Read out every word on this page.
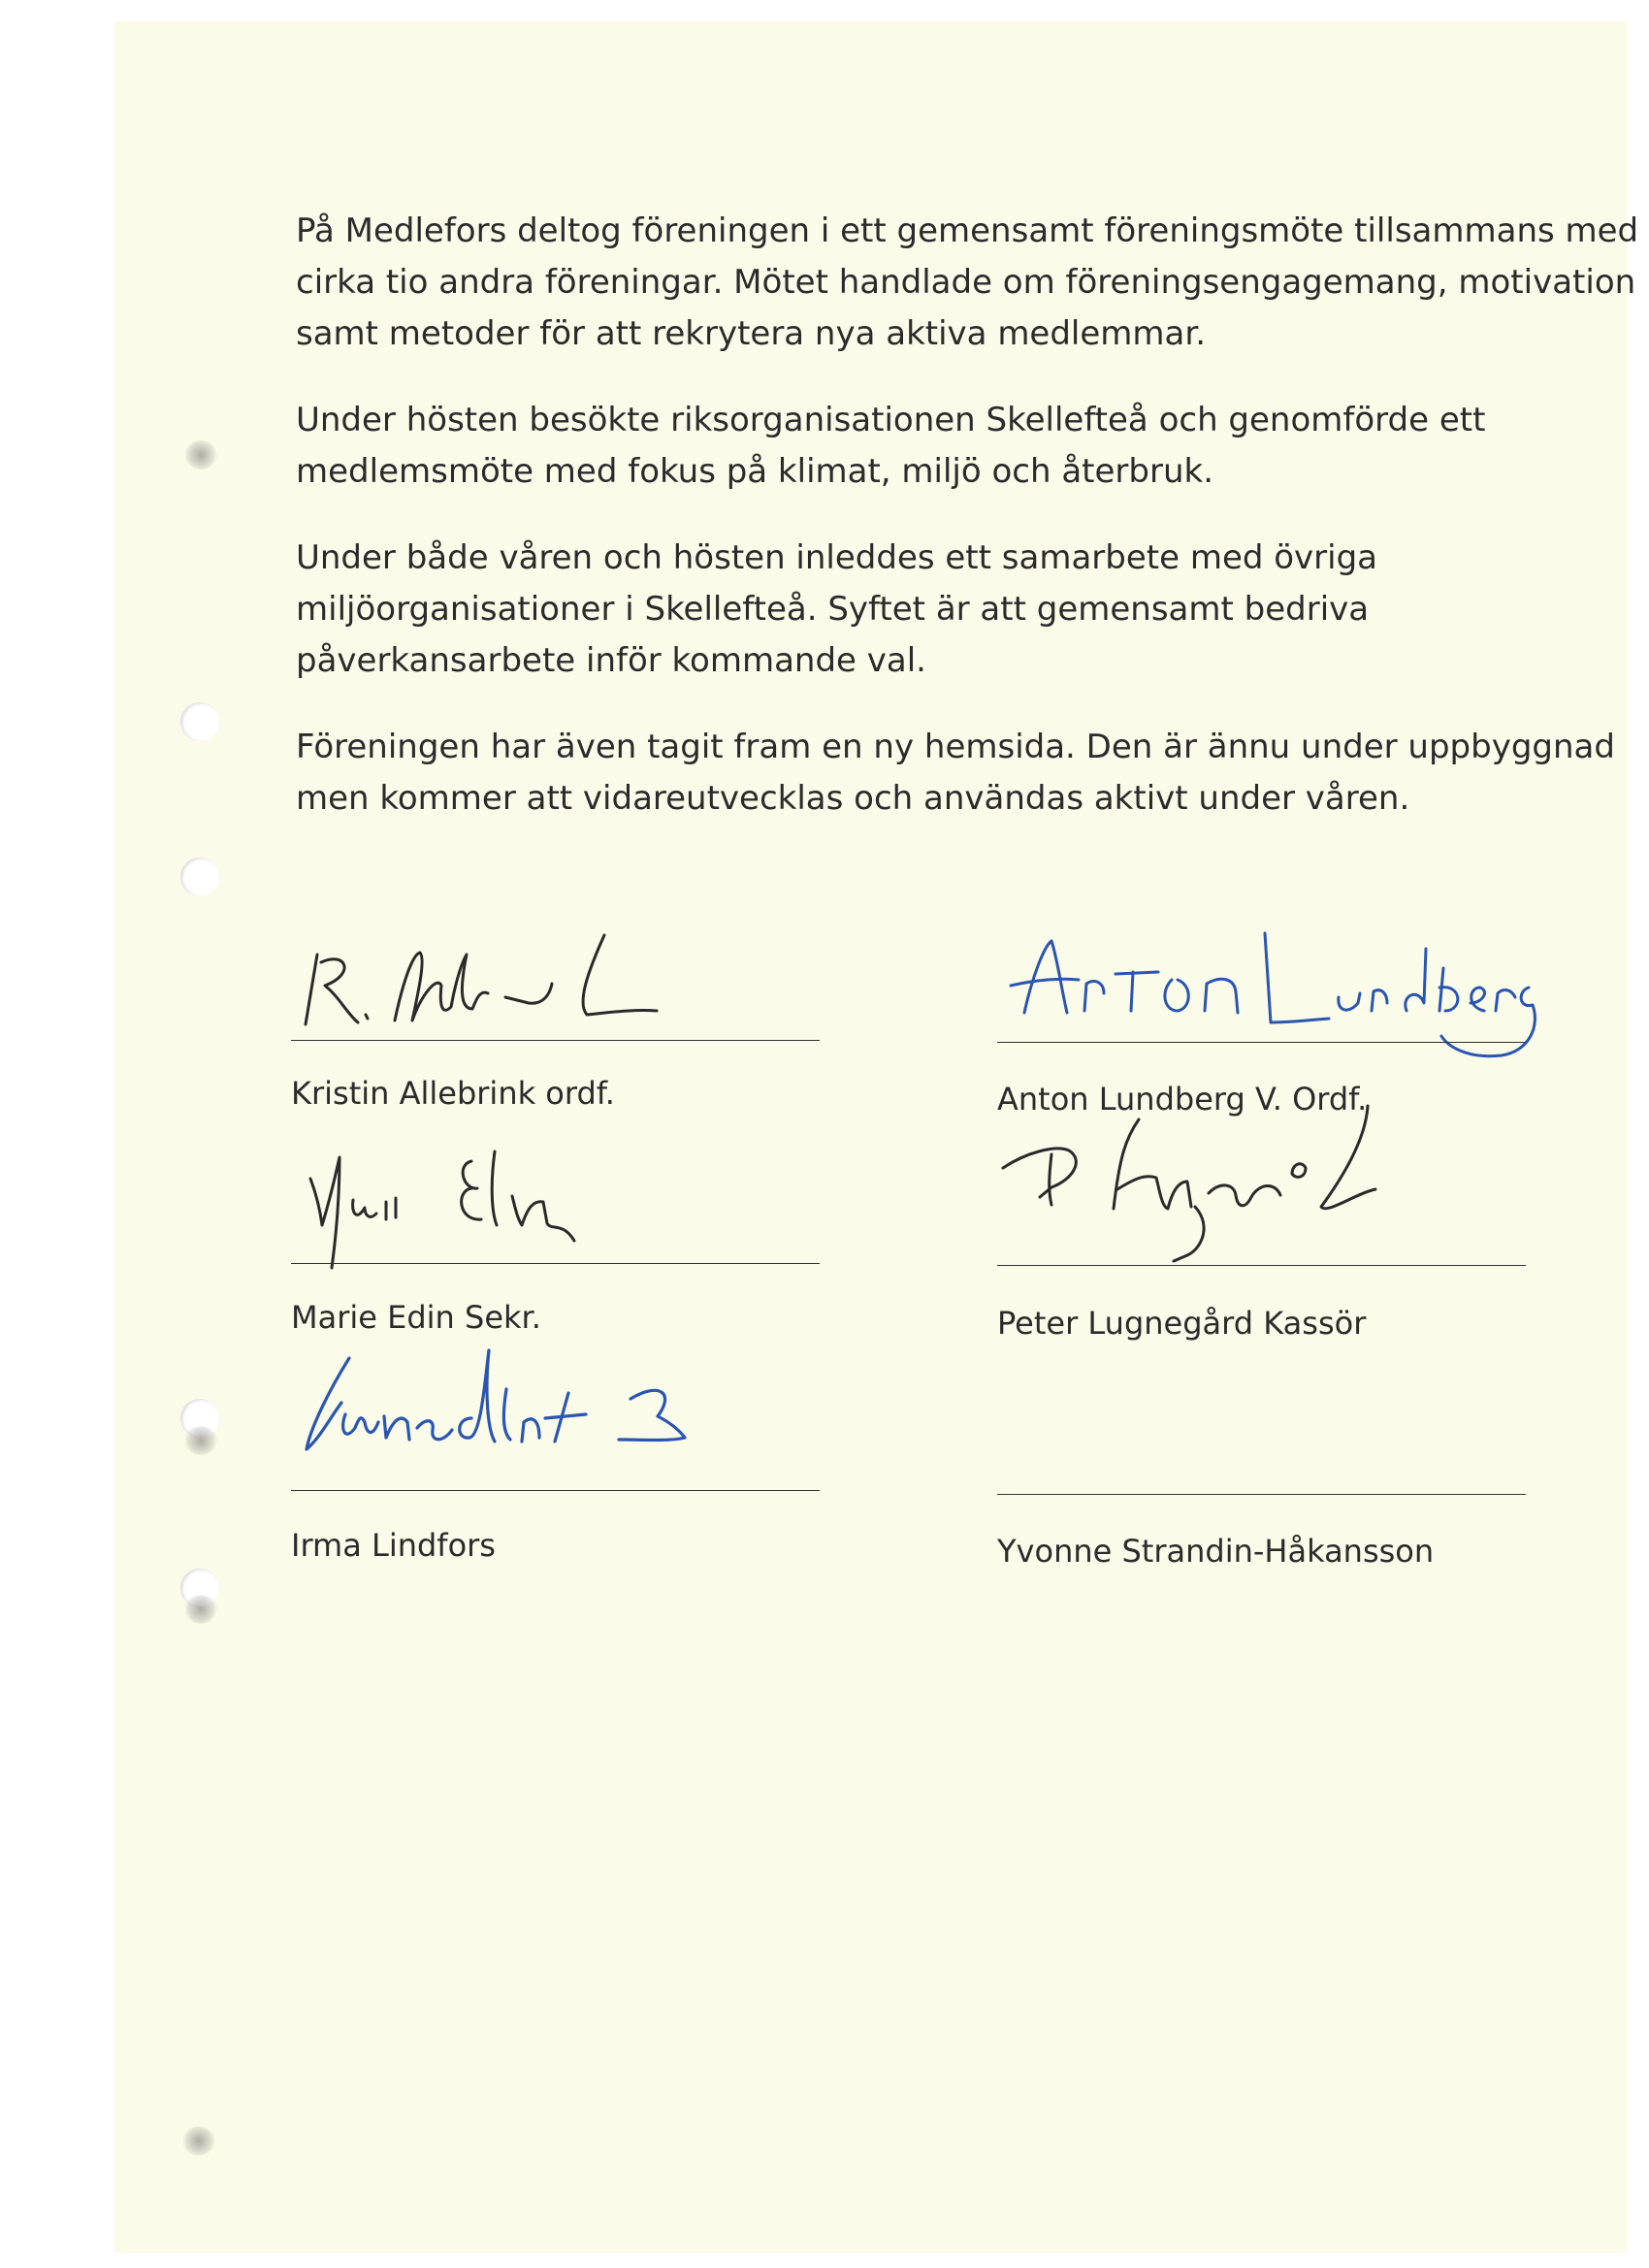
På Medlefors deltog föreningen i ett gemensamt föreningsmöte tillsammans med cirka tio andra föreningar. Mötet handlade om föreningsengagemang, motivation samt metoder för att rekrytera nya aktiva medlemmar.

Under hösten besökte riksorganisationen Skellefteå och genomförde ett medlemsmöte med fokus på klimat, miljö och återbruk.

Under både våren och hösten inleddes ett samarbete med övriga miljöorganisationer i Skellefteå. Syftet är att gemensamt bedriva påverkansarbete inför kommande val.

Föreningen har även tagit fram en ny hemsida. Den är ännu under uppbyggnad men kommer att vidareutvecklas och användas aktivt under våren.

Kristin Allebrink ordf.	Anton Lundberg V. Ordf.
Marie Edin Sekr.	Peter Lugnegård Kassör
Irma Lindfors	Yvonne Strandin-Håkansson
